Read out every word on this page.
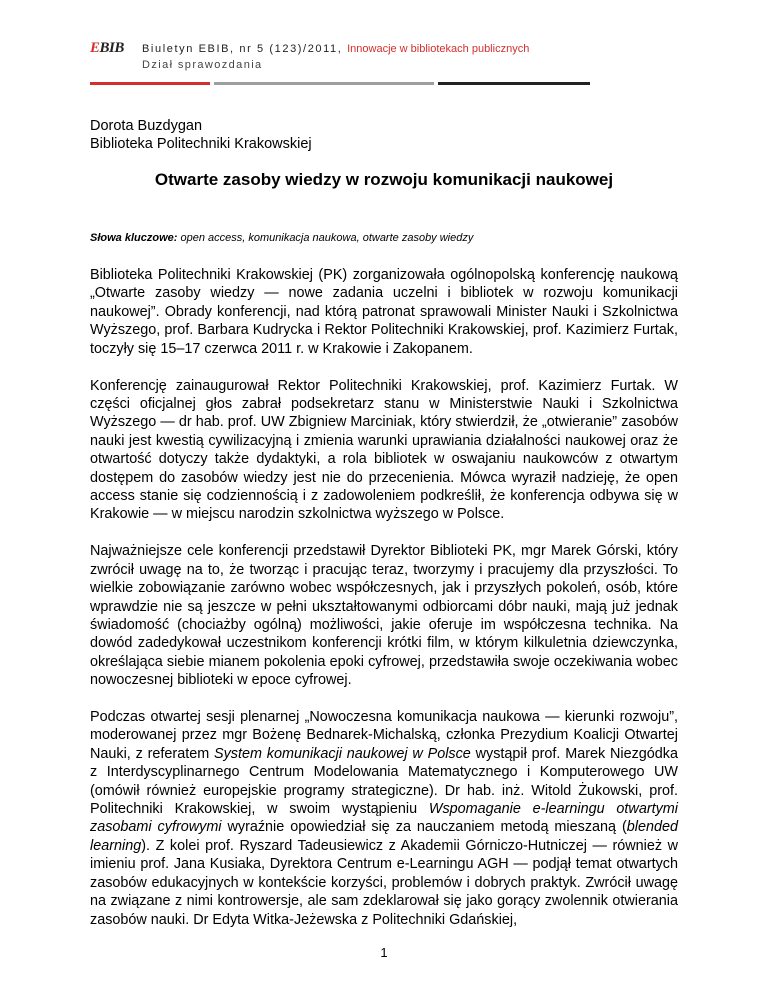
EBIB Biuletyn EBIB, nr 5 (123)/2011, Innowacje w bibliotekach publicznych
Dział sprawozdania
Dorota Buzdygan
Biblioteka Politechniki Krakowskiej
Otwarte zasoby wiedzy w rozwoju komunikacji naukowej
Słowa kluczowe: open access, komunikacja naukowa, otwarte zasoby wiedzy

Biblioteka Politechniki Krakowskiej (PK) zorganizowała ogólnopolską konferencję naukową „Otwarte zasoby wiedzy — nowe zadania uczelni i bibliotek w rozwoju komunikacji naukowej”. Obrady konferencji, nad którą patronat sprawowali Minister Nauki i Szkolnictwa Wyższego, prof. Barbara Kudrycka i Rektor Politechniki Krakowskiej, prof. Kazimierz Furtak, toczyły się 15–17 czerwca 2011 r. w Krakowie i Zakopanem.

Konferencję zainaugurował Rektor Politechniki Krakowskiej, prof. Kazimierz Furtak. W części oficjalnej głos zabrał podsekretarz stanu w Ministerstwie Nauki i Szkolnictwa Wyższego — dr hab. prof. UW Zbigniew Marciniak, który stwierdził, że „otwieranie” zasobów nauki jest kwestią cywilizacyjną i zmienia warunki uprawiania działalności naukowej oraz że otwartość dotyczy także dydaktyki, a rola bibliotek w oswajaniu naukowców z otwartym dostępem do zasobów wiedzy jest nie do przecenienia. Mówca wyraził nadzieję, że open access stanie się codziennością i z zadowoleniem podkreślił, że konferencja odbywa się w Krakowie — w miejscu narodzin szkolnictwa wyższego w Polsce.

Najważniejsze cele konferencji przedstawił Dyrektor Biblioteki PK, mgr Marek Górski, który zwrócił uwagę na to, że tworząc i pracując teraz, tworzymy i pracujemy dla przyszłości. To wielkie zobowiązanie zarówno wobec współczesnych, jak i przyszłych pokoleń, osób, które wprawdzie nie są jeszcze w pełni ukształtowanymi odbiorcami dóbr nauki, mają już jednak świadomość (chociażby ogólną) możliwości, jakie oferuje im współczesna technika. Na dowód zadedykował uczestnikom konferencji krótki film, w którym kilkuletnia dziewczynka, określająca siebie mianem pokolenia epoki cyfrowej, przedstawiła swoje oczekiwania wobec nowoczesnej biblioteki w epoce cyfrowej.

Podczas otwartej sesji plenarnej „Nowoczesna komunikacja naukowa — kierunki rozwoju”, moderowanej przez mgr Bożenę Bednarek-Michalską, członka Prezydium Koalicji Otwartej Nauki, z referatem System komunikacji naukowej w Polsce wystąpił prof. Marek Niezgódka z Interdyscyplinarnego Centrum Modelowania Matematycznego i Komputerowego UW (omówił również europejskie programy strategiczne). Dr hab. inż. Witold Żukowski, prof. Politechniki Krakowskiej, w swoim wystąpieniu Wspomaganie e-learningu otwartymi zasobami cyfrowymi wyraźnie opowiedział się za nauczaniem metodą mieszaną (blended learning). Z kolei prof. Ryszard Tadeusiewicz z Akademii Górniczo-Hutniczej — również w imieniu prof. Jana Kusiaka, Dyrektora Centrum e-Learningu AGH — podjął temat otwartych zasobów edukacyjnych w kontekście korzyści, problemów i dobrych praktyk. Zwrócił uwagę na związane z nimi kontrowersje, ale sam zdeklarował się jako gorący zwolennik otwierania zasobów nauki. Dr Edyta Witka-Jeżewska z Politechniki Gdańskiej,

1
